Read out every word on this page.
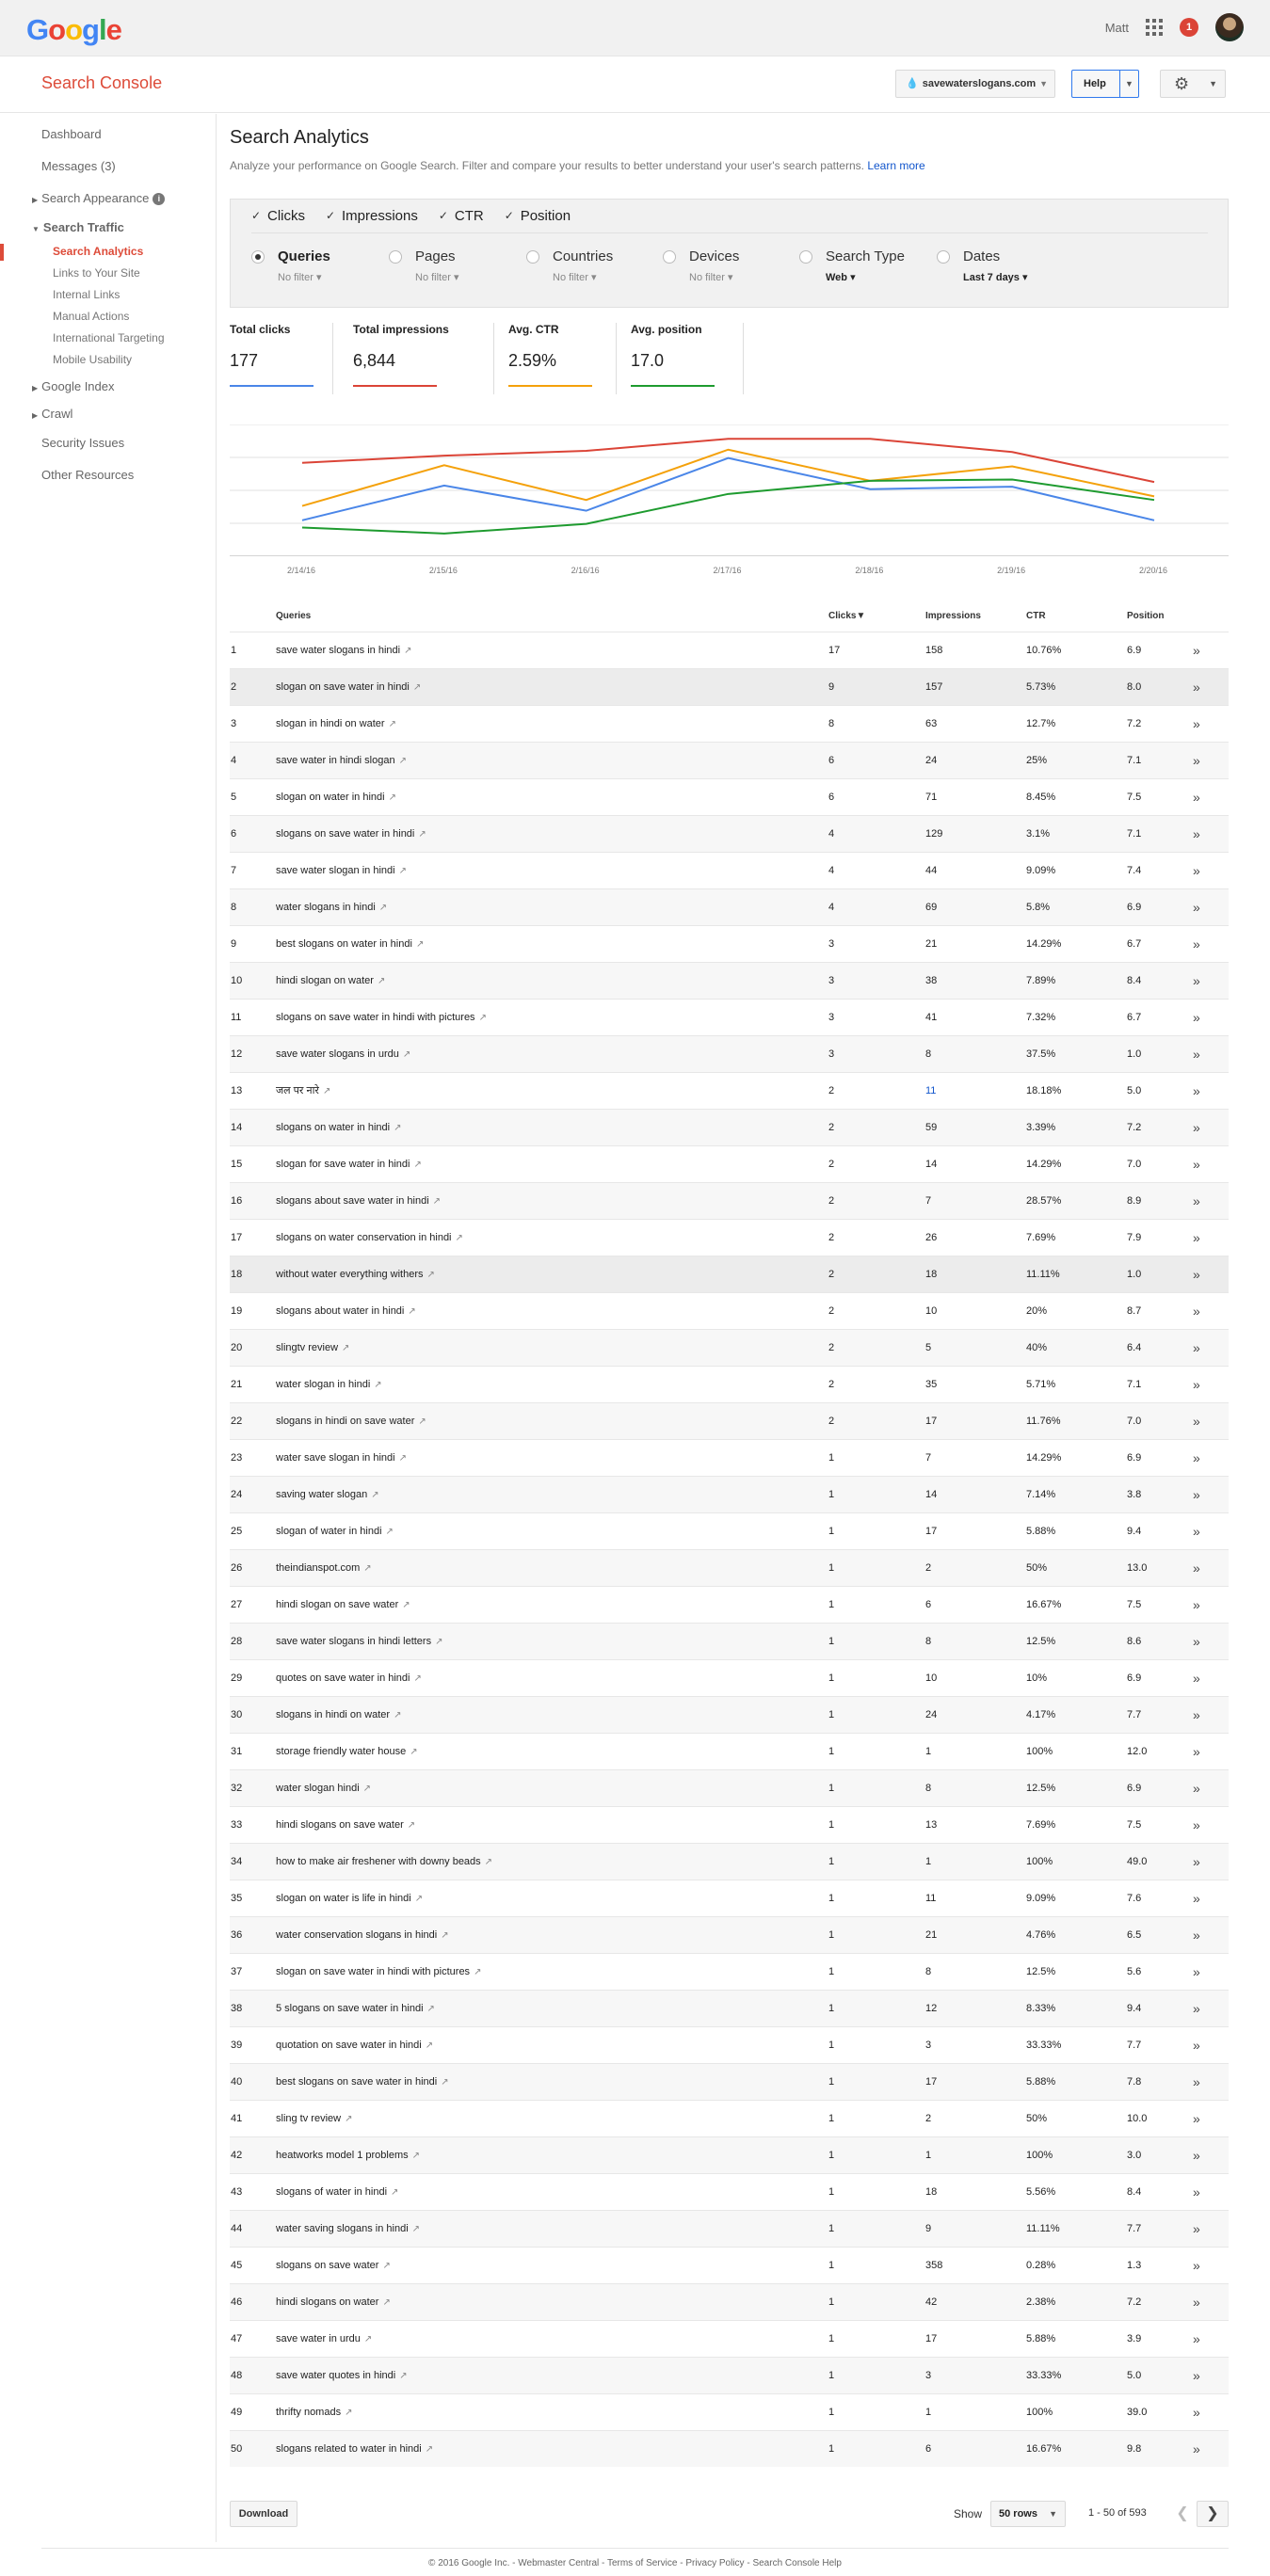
Google	Matt	1
Search Console	💧 savewaterslogans.com ▼	Help	▼	⚙ ▼
Dashboard
Messages (3)
▶ Search Appearance i
▼ Search Traffic
Search Analytics
Links to Your Site
Internal Links
Manual Actions
International Targeting
Mobile Usability
▶ Google Index
▶ Crawl
Security Issues
Other Resources
Search Analytics
Analyze your performance on Google Search. Filter and compare your results to better understand your user's search patterns. Learn more
✓ Clicks ✓ Impressions ✓ CTR ✓ Position
Queries
No filter ▾
Pages
No filter ▾
Countries
No filter ▾
Devices
No filter ▾
Search Type
Web ▾
Dates
Last 7 days ▾
Total clicks
177
Total impressions
6,844
Avg. CTR
2.59%
Avg. position
17.0
2/14/16	2/15/16	2/16/16	2/17/16	2/18/16	2/19/16	2/20/16
	Queries	Clicks▼	Impressions	CTR	Position	
1	save water slogans in hindi ↗	17	158	10.76%	6.9	»
2	slogan on save water in hindi ↗	9	157	5.73%	8.0	»
3	slogan in hindi on water ↗	8	63	12.7%	7.2	»
4	save water in hindi slogan ↗	6	24	25%	7.1	»
5	slogan on water in hindi ↗	6	71	8.45%	7.5	»
6	slogans on save water in hindi ↗	4	129	3.1%	7.1	»
7	save water slogan in hindi ↗	4	44	9.09%	7.4	»
8	water slogans in hindi ↗	4	69	5.8%	6.9	»
9	best slogans on water in hindi ↗	3	21	14.29%	6.7	»
10	hindi slogan on water ↗	3	38	7.89%	8.4	»
11	slogans on save water in hindi with pictures ↗	3	41	7.32%	6.7	»
12	save water slogans in urdu ↗	3	8	37.5%	1.0	»
13	जल पर नारे ↗	2	11	18.18%	5.0	»
14	slogans on water in hindi ↗	2	59	3.39%	7.2	»
15	slogan for save water in hindi ↗	2	14	14.29%	7.0	»
16	slogans about save water in hindi ↗	2	7	28.57%	8.9	»
17	slogans on water conservation in hindi ↗	2	26	7.69%	7.9	»
18	without water everything withers ↗	2	18	11.11%	1.0	»
19	slogans about water in hindi ↗	2	10	20%	8.7	»
20	slingtv review ↗	2	5	40%	6.4	»
21	water slogan in hindi ↗	2	35	5.71%	7.1	»
22	slogans in hindi on save water ↗	2	17	11.76%	7.0	»
23	water save slogan in hindi ↗	1	7	14.29%	6.9	»
24	saving water slogan ↗	1	14	7.14%	3.8	»
25	slogan of water in hindi ↗	1	17	5.88%	9.4	»
26	theindianspot.com ↗	1	2	50%	13.0	»
27	hindi slogan on save water ↗	1	6	16.67%	7.5	»
28	save water slogans in hindi letters ↗	1	8	12.5%	8.6	»
29	quotes on save water in hindi ↗	1	10	10%	6.9	»
30	slogans in hindi on water ↗	1	24	4.17%	7.7	»
31	storage friendly water house ↗	1	1	100%	12.0	»
32	water slogan hindi ↗	1	8	12.5%	6.9	»
33	hindi slogans on save water ↗	1	13	7.69%	7.5	»
34	how to make air freshener with downy beads ↗	1	1	100%	49.0	»
35	slogan on water is life in hindi ↗	1	11	9.09%	7.6	»
36	water conservation slogans in hindi ↗	1	21	4.76%	6.5	»
37	slogan on save water in hindi with pictures ↗	1	8	12.5%	5.6	»
38	5 slogans on save water in hindi ↗	1	12	8.33%	9.4	»
39	quotation on save water in hindi ↗	1	3	33.33%	7.7	»
40	best slogans on save water in hindi ↗	1	17	5.88%	7.8	»
41	sling tv review ↗	1	2	50%	10.0	»
42	heatworks model 1 problems ↗	1	1	100%	3.0	»
43	slogans of water in hindi ↗	1	18	5.56%	8.4	»
44	water saving slogans in hindi ↗	1	9	11.11%	7.7	»
45	slogans on save water ↗	1	358	0.28%	1.3	»
46	hindi slogans on water ↗	1	42	2.38%	7.2	»
47	save water in urdu ↗	1	17	5.88%	3.9	»
48	save water quotes in hindi ↗	1	3	33.33%	5.0	»
49	thrifty nomads ↗	1	1	100%	39.0	»
50	slogans related to water in hindi ↗	1	6	16.67%	9.8	»
Download	Show	50 rows ▼	1 - 50 of 593 ❮	❯
© 2016 Google Inc. - Webmaster Central - Terms of Service - Privacy Policy - Search Console Help
